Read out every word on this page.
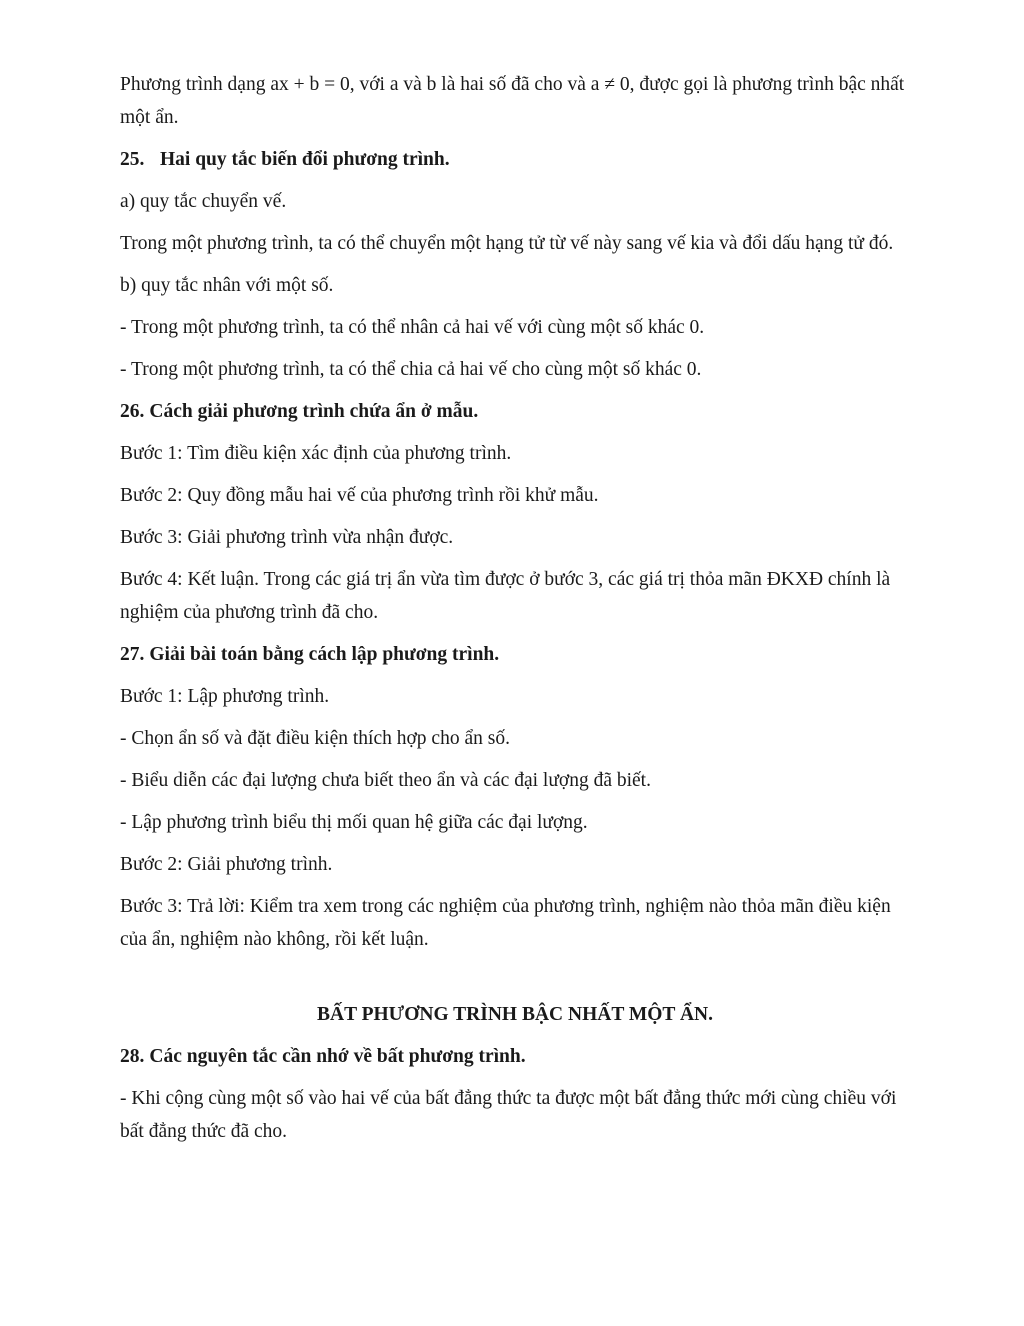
Phương trình dạng ax + b = 0, với a và b là hai số đã cho và a ≠ 0, được gọi là phương trình bậc nhất một ẩn.

25. Hai quy tắc biến đổi phương trình.

a) quy tắc chuyển vế.

Trong một phương trình, ta có thể chuyển một hạng tử từ vế này sang vế kia và đổi dấu hạng tử đó.

b) quy tắc nhân với một số.

- Trong một phương trình, ta có thể nhân cả hai vế với cùng một số khác 0.

- Trong một phương trình, ta có thể chia cả hai vế cho cùng một số khác 0.

26. Cách giải phương trình chứa ẩn ở mẫu.

Bước 1: Tìm điều kiện xác định của phương trình.

Bước 2: Quy đồng mẫu hai vế của phương trình rồi khử mẫu.

Bước 3: Giải phương trình vừa nhận được.

Bước 4: Kết luận. Trong các giá trị ẩn vừa tìm được ở bước 3, các giá trị thỏa mãn ĐKXĐ chính là nghiệm của phương trình đã cho.

27. Giải bài toán bằng cách lập phương trình.

Bước 1: Lập phương trình.

- Chọn ẩn số và đặt điều kiện thích hợp cho ẩn số.

- Biểu diễn các đại lượng chưa biết theo ẩn và các đại lượng đã biết.

- Lập phương trình biểu thị mối quan hệ giữa các đại lượng.

Bước 2: Giải phương trình.

Bước 3: Trả lời: Kiểm tra xem trong các nghiệm của phương trình, nghiệm nào thỏa mãn điều kiện của ẩn, nghiệm nào không, rồi kết luận.

BẤT PHƯƠNG TRÌNH BẬC NHẤT MỘT ẨN.

28. Các nguyên tắc cần nhớ về bất phương trình.

- Khi cộng cùng một số vào hai vế của bất đẳng thức ta được một bất đẳng thức mới cùng chiều với bất đẳng thức đã cho.
